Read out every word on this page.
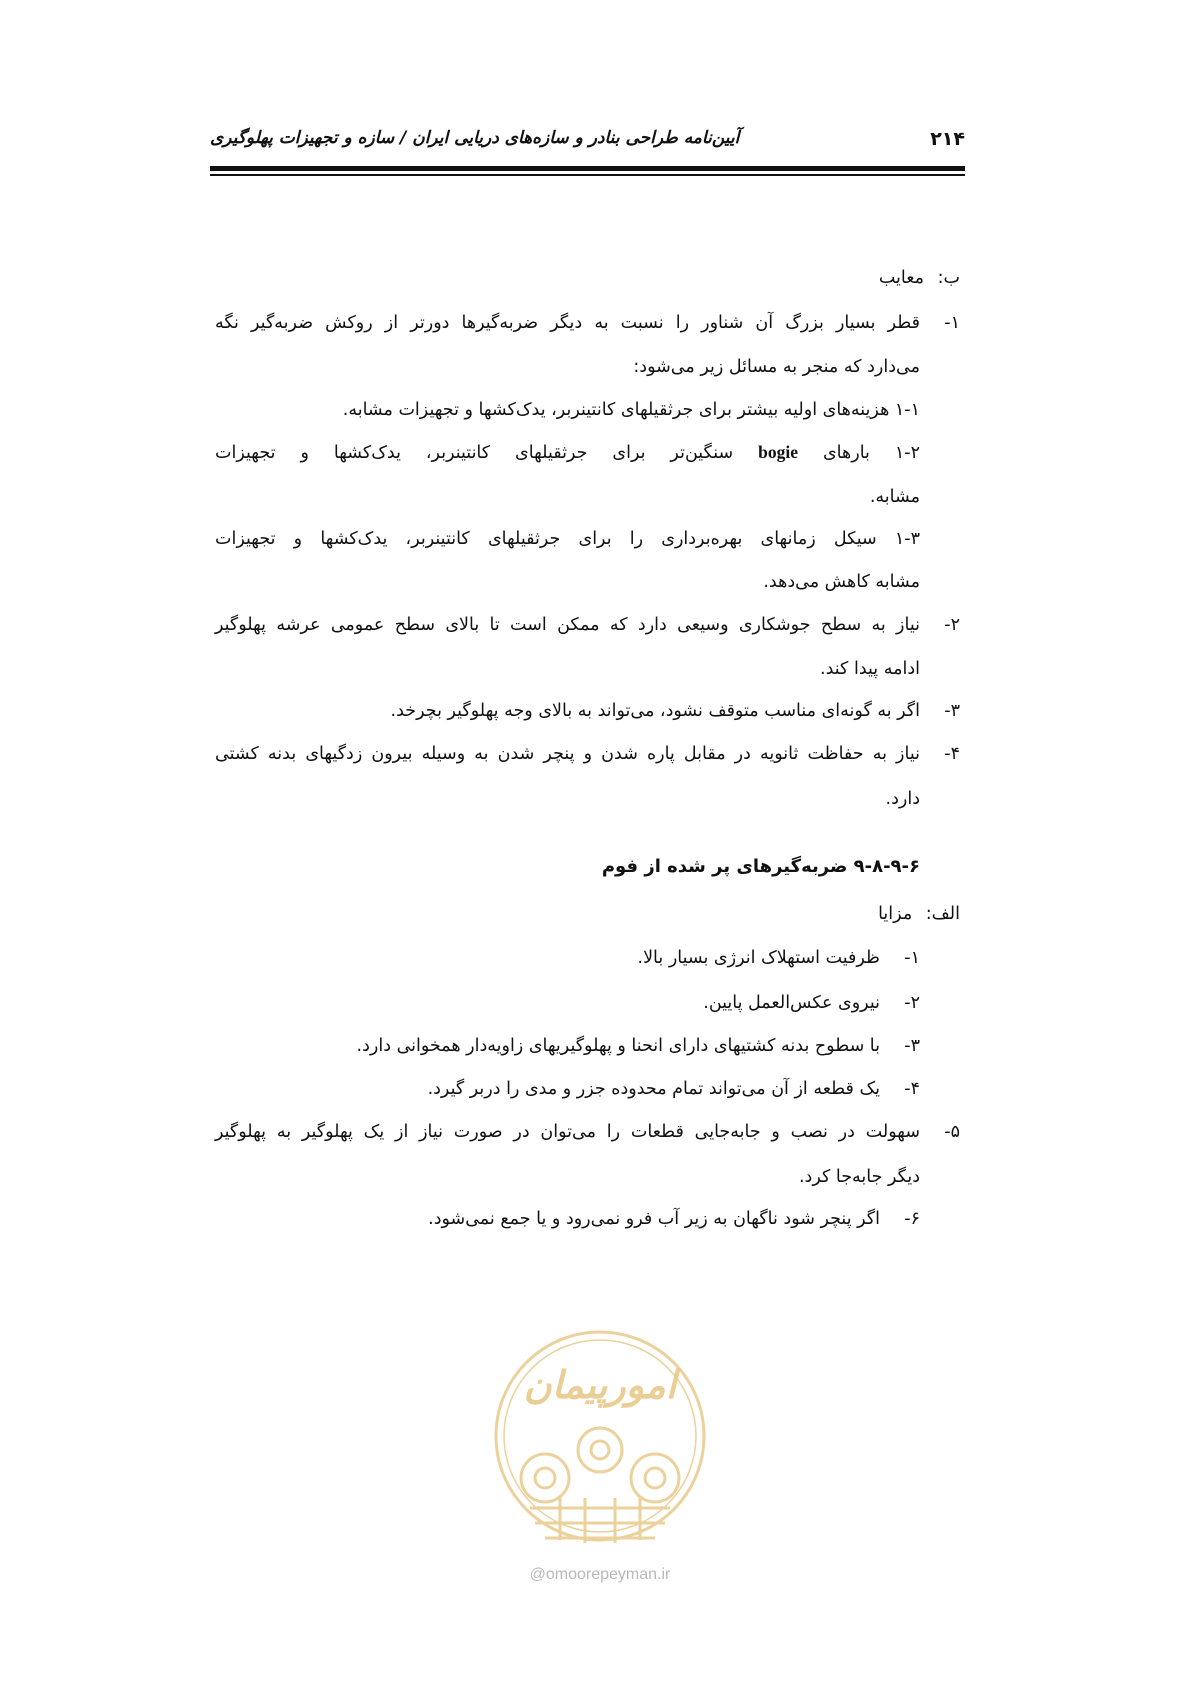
۲۱۴
آیین‌نامه طراحی بنادر و سازه‌های دریایی ایران / سازه و تجهیزات پهلوگیری
ب: معایب
۱-
قطر بسیار بزرگ آن شناور را نسبت به دیگر ضربه‌گیرها دورتر از روکش ضربه‌گیر نگه
می‌دارد که منجر به مسائل زیر می‌شود:
۱-۱ هزینه‌های اولیه بیشتر برای جرثقیلهای کانتینربر، یدک‌کشها و تجهیزات مشابه.
۱-۲ بارهای bogie سنگین‌تر برای جرثقیلهای کانتینربر، یدک‌کشها و تجهیزات
مشابه.
۱-۳ سیکل زمانهای بهره‌برداری را برای جرثقیلهای کانتینربر، یدک‌کشها و تجهیزات
مشابه کاهش می‌دهد.
۲-
نیاز به سطح جوشکاری وسیعی دارد که ممکن است تا بالای سطح عمومی عرشه پهلوگیر
ادامه پیدا کند.
۳-
اگر به گونه‌ای مناسب متوقف نشود، می‌تواند به بالای وجه پهلوگیر بچرخد.
۴-
نیاز به حفاظت ثانویه در مقابل پاره شدن و پنچر شدن به وسیله بیرون زدگیهای بدنه کشتی
دارد.
۹-۸-۹-۶ ضربه‌گیرهای پر شده از فوم
الف: مزایا
۱-
ظرفیت استهلاک انرژی بسیار بالا.
۲-
نیروی عکس‌العمل پایین.
۳-
با سطوح بدنه کشتیهای دارای انحنا و پهلوگیریهای زاویه‌دار همخوانی دارد.
۴-
یک قطعه از آن می‌تواند تمام محدوده جزر و مدی را دربر گیرد.
۵-
سهولت در نصب و جابه‌جایی قطعات را می‌توان در صورت نیاز از یک پهلوگیر به پهلوگیر
دیگر جابه‌جا کرد.
۶-
اگر پنچر شود ناگهان به زیر آب فرو نمی‌رود و یا جمع نمی‌شود.
امورپیمان
@omoorepeyman.ir
